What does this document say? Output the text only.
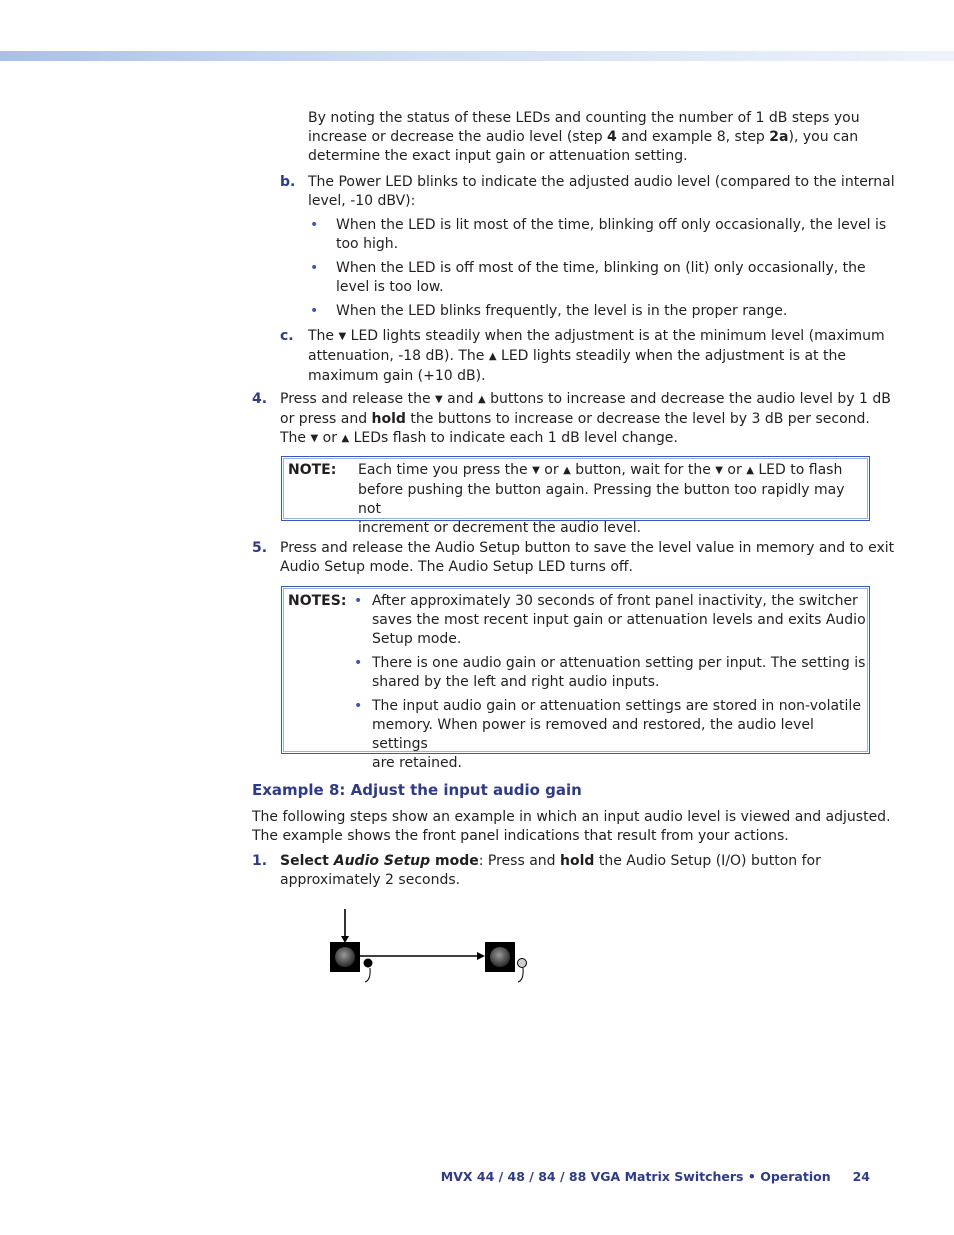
By noting the status of these LEDs and counting the number of 1 dB steps you
increase or decrease the audio level (step 4 and example 8, step 2a), you can
determine the exact input gain or attenuation setting.
b. The Power LED blinks to indicate the adjusted audio level (compared to the internal
level, -10 dBV):
• When the LED is lit most of the time, blinking off only occasionally, the level is
too high.
• When the LED is off most of the time, blinking on (lit) only occasionally, the
level is too low.
• When the LED blinks frequently, the level is in the proper range.
c. The ▼ LED lights steadily when the adjustment is at the minimum level (maximum
attenuation, -18 dB). The ▲ LED lights steadily when the adjustment is at the
maximum gain (+10 dB).
4. Press and release the ▼ and ▲ buttons to increase and decrease the audio level by 1 dB
or press and hold the buttons to increase or decrease the level by 3 dB per second.
The ▼ or ▲ LEDs flash to indicate each 1 dB level change.
NOTE: Each time you press the ▼ or ▲ button, wait for the ▼ or ▲ LED to flash
before pushing the button again. Pressing the button too rapidly may not
increment or decrement the audio level.
5. Press and release the Audio Setup button to save the level value in memory and to exit
Audio Setup mode. The Audio Setup LED turns off.
NOTES: • After approximately 30 seconds of front panel inactivity, the switcher
saves the most recent input gain or attenuation levels and exits Audio
Setup mode.
• There is one audio gain or attenuation setting per input. The setting is
shared by the left and right audio inputs.
• The input audio gain or attenuation settings are stored in non-volatile
memory. When power is removed and restored, the audio level settings
are retained.
Example 8: Adjust the input audio gain
The following steps show an example in which an input audio level is viewed and adjusted.
The example shows the front panel indications that result from your actions.
1. Select Audio Setup mode: Press and hold the Audio Setup (I/O) button for
approximately 2 seconds.
MVX 44 / 48 / 84 / 88 VGA Matrix Switchers • Operation 24
